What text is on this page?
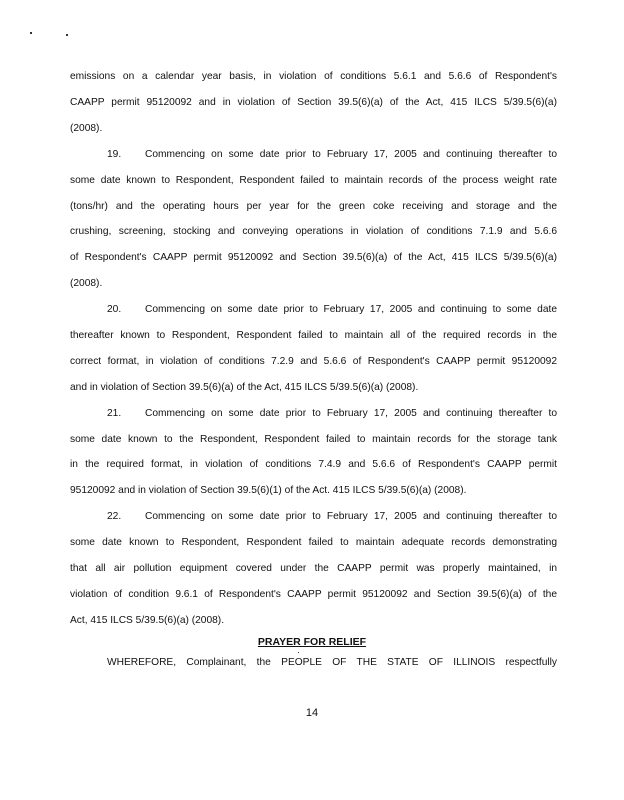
emissions on a calendar year basis, in violation of conditions 5.6.1 and 5.6.6 of Respondent's
CAAPP permit 95120092 and in violation of Section 39.5(6)(a) of the Act, 415 ILCS 5/39.5(6)(a)
(2008).
19. Commencing on some date prior to February 17, 2005 and continuing thereafter to
some date known to Respondent, Respondent failed to maintain records of the process weight rate
(tons/hr) and the operating hours per year for the green coke receiving and storage and the
crushing, screening, stocking and conveying operations in violation of conditions 7.1.9 and 5.6.6
of Respondent's CAAPP permit 95120092 and Section 39.5(6)(a) of the Act, 415 ILCS 5/39.5(6)(a)
(2008).
20. Commencing on some date prior to February 17, 2005 and continuing to some date
thereafter known to Respondent, Respondent failed to maintain all of the required records in the
correct format, in violation of conditions 7.2.9 and 5.6.6 of Respondent's CAAPP permit 95120092
and in violation of Section 39.5(6)(a) of the Act, 415 ILCS 5/39.5(6)(a) (2008).
21. Commencing on some date prior to February 17, 2005 and continuing thereafter to
some date known to the Respondent, Respondent failed to maintain records for the storage tank
in the required format, in violation of conditions 7.4.9 and 5.6.6 of Respondent's CAAPP permit
95120092 and in violation of Section 39.5(6)(1) of the Act. 415 ILCS 5/39.5(6)(a) (2008).
22. Commencing on some date prior to February 17, 2005 and continuing thereafter to
some date known to Respondent, Respondent failed to maintain adequate records demonstrating
that all air pollution equipment covered under the CAAPP permit was properly maintained, in
violation of condition 9.6.1 of Respondent's CAAPP permit 95120092 and Section 39.5(6)(a) of the
Act, 415 ILCS 5/39.5(6)(a) (2008).
PRAYER FOR RELIEF
WHEREFORE, Complainant, the PEOPLE OF THE STATE OF ILLINOIS respectfully
14
